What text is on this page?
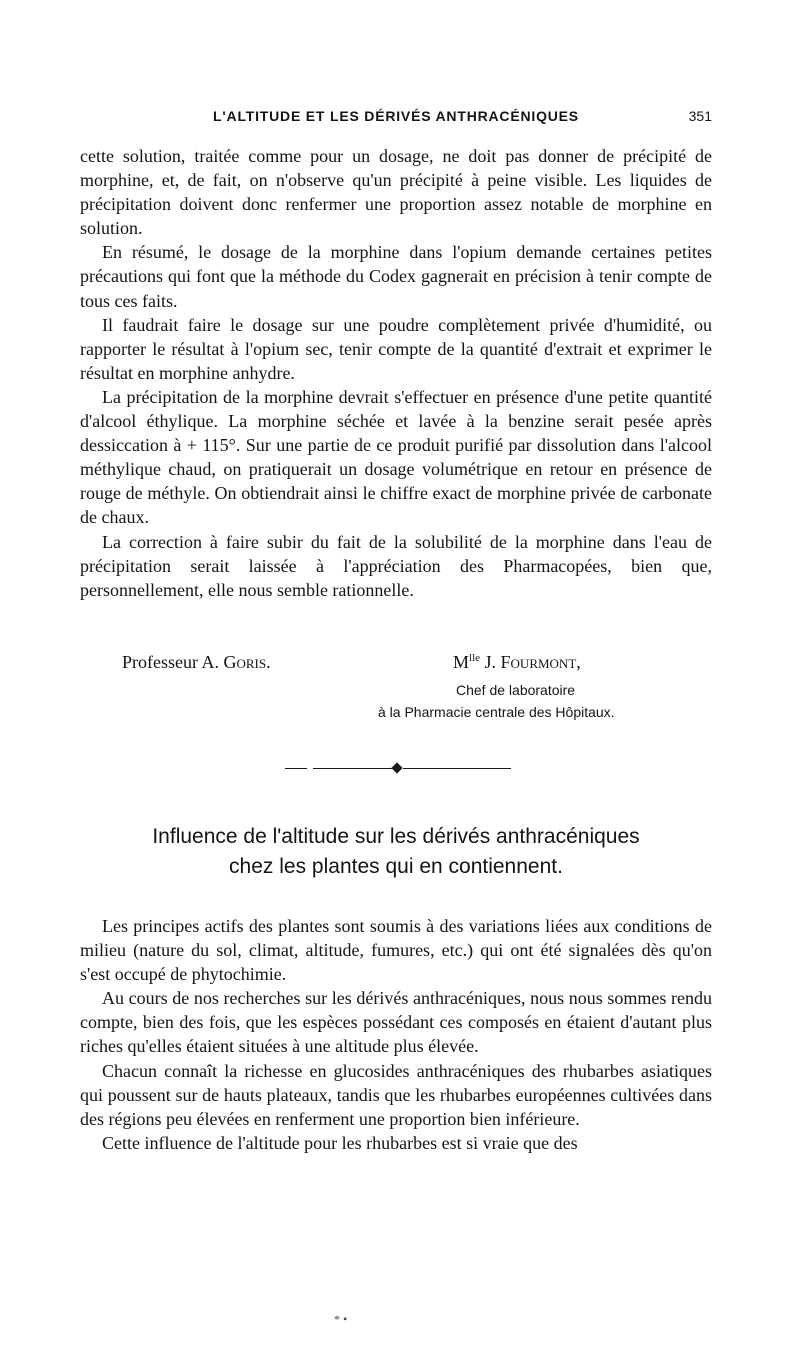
L'ALTITUDE ET LES DÉRIVÉS ANTHRACÉNIQUES	351

cette solution, traitée comme pour un dosage, ne doit pas donner de précipité de morphine, et, de fait, on n'observe qu'un précipité à peine visible. Les liquides de précipitation doivent donc renfermer une proportion assez notable de morphine en solution.

En résumé, le dosage de la morphine dans l'opium demande certaines petites précautions qui font que la méthode du Codex gagnerait en précision à tenir compte de tous ces faits.

Il faudrait faire le dosage sur une poudre complètement privée d'humidité, ou rapporter le résultat à l'opium sec, tenir compte de la quantité d'extrait et exprimer le résultat en morphine anhydre.

La précipitation de la morphine devrait s'effectuer en présence d'une petite quantité d'alcool éthylique. La morphine séchée et lavée à la benzine serait pesée après dessiccation à + 115°. Sur une partie de ce produit purifié par dissolution dans l'alcool méthylique chaud, on pratiquerait un dosage volumétrique en retour en présence de rouge de méthyle. On obtiendrait ainsi le chiffre exact de morphine privée de carbonate de chaux.

La correction à faire subir du fait de la solubilité de la morphine dans l'eau de précipitation serait laissée à l'appréciation des Pharmacopées, bien que, personnellement, elle nous semble rationnelle.

Professeur A. Goris.	$M^{lle}$ J. Fourmont,
Chef de laboratoire
à la Pharmacie centrale des Hôpitaux.
Influence de l'altitude sur les dérivés anthracéniques
chez les plantes qui en contiennent.

Les principes actifs des plantes sont soumis à des variations liées aux conditions de milieu (nature du sol, climat, altitude, fumures, etc.) qui ont été signalées dès qu'on s'est occupé de phytochimie.

Au cours de nos recherches sur les dérivés anthracéniques, nous nous sommes rendu compte, bien des fois, que les espèces possédant ces composés en étaient d'autant plus riches qu'elles étaient situées à une altitude plus élevée.

Chacun connaît la richesse en glucosides anthracéniques des rhubarbes asiatiques qui poussent sur de hauts plateaux, tandis que les rhubarbes européennes cultivées dans des régions peu élevées en renferment une proportion bien inférieure.

Cette influence de l'altitude pour les rhubarbes est si vraie que des

* •
